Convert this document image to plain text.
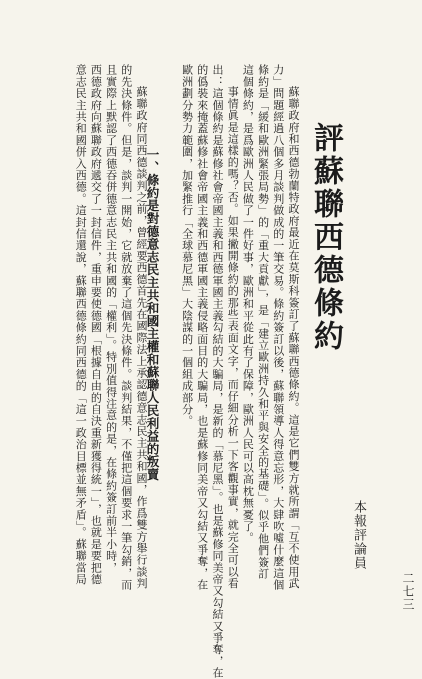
評蘇聯西德條約
本報評論員
二七三
一、條約是對德意志民主共和國主權和蘇聯人民利益的叛賣	蘇聯政府和西德勃蘭特政府最近在莫斯科簽訂了蘇聯西德條約。這是它們雙方就所謂「互不使用武
力」問題經過八個多月談判做成的一筆交易。條約簽訂以後，蘇聯領導人得意忘形，大肆吹噓什麼這個
條約是「緩和歐洲緊張局勢」的「重大貢獻」，是「建立歐洲持久和平與安全的基礎」。似乎他們簽訂
這個條約，是爲歐洲人民做了一件好事，歐洲和平從此有了保障，歐洲人民可以高枕無憂了。
事情眞是這樣的嗎？否。如果撇開條約的那些表面文字，而仔細分析一下客觀事實，就完全可以看
出：這個條約是蘇修社會帝國主義和西德軍國主義勾結的大騙局，是新的「慕尼黑」。也是蘇修同美帝又勾結又爭奪，在
的僞裝來掩蓋蘇修社會帝國主義和西德軍國主義侵略面目的大騙局，也是蘇修同美帝又勾結又爭奪，在
歐洲劃分勢力範圍，加緊推行「全球慕尼黑」大陰謀的一個組成部分。
蘇聯政府同西德談判之前，曾經要西德首先在國際法上承認德意志民主共和國，作爲雙方舉行談判
的先決條件。但是，談判一開始，它就放棄了這個先決條件。談判結果，不僅把這個要求一筆勾銷，而
且實際上默認了西德吞併德意志民主共和國的「權利」。特別值得注意的是，在條約簽訂前半小時，
西德政府向蘇聯政府遞交了一封信件，重申要使德國「根據自由的自決重新獲得統一」，也就是要把德
意志民主共和國併入西德。這封信還說，蘇聯西德條約同西德的「這一政治目標並無矛盾」。蘇聯當局
